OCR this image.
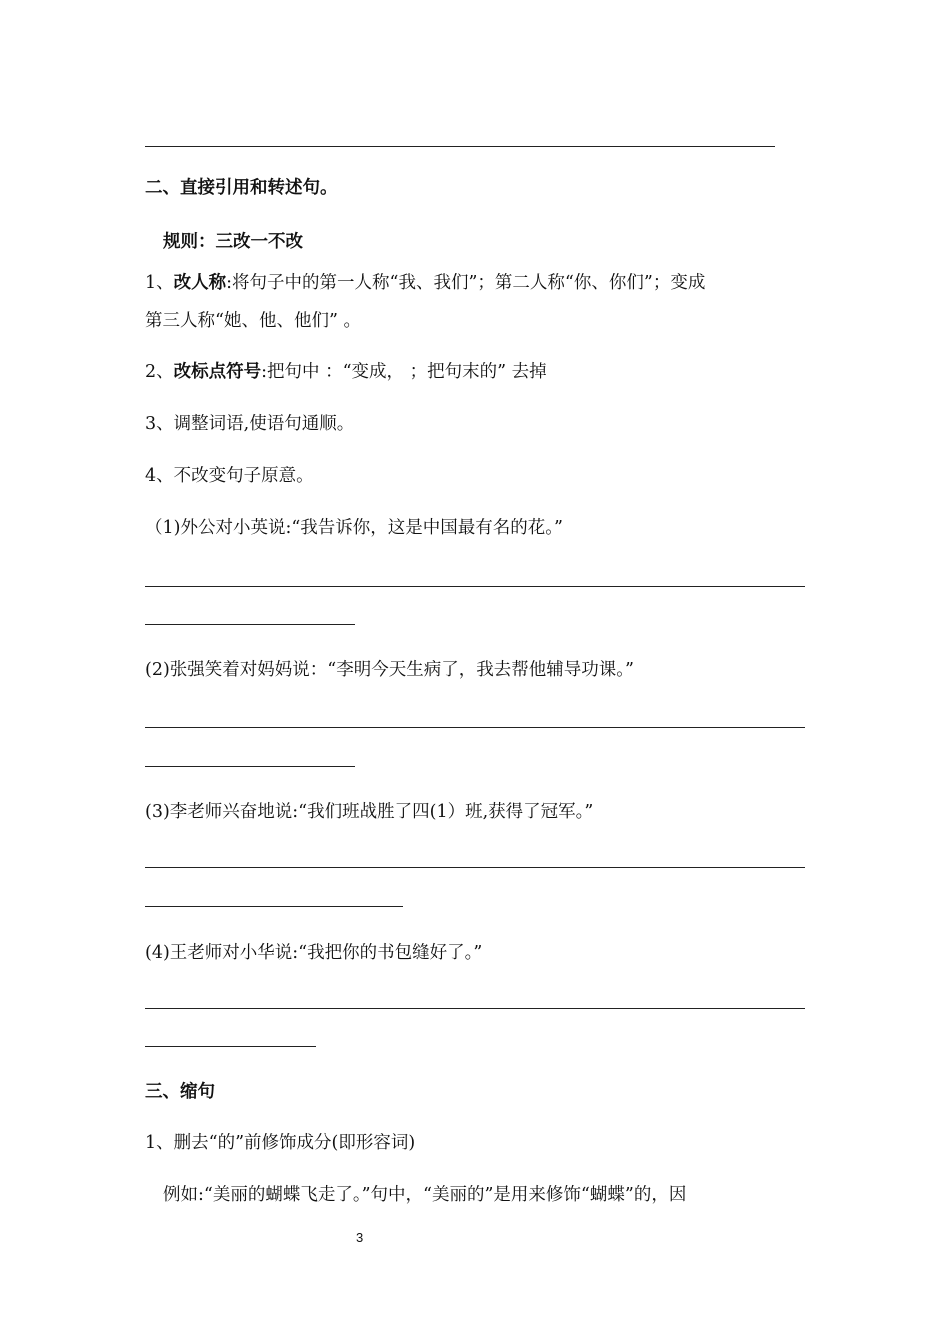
二、直接引用和转述句。
规则：三改一不改
1、改人称:将句子中的第一人称“我、我们”；第二人称“你、你们”；变成
第三人称“她、他、他们” 。
2、改标点符号:把句中 ：“变成， ；把句末的” 去掉
3、调整词语,使语句通顺。
4、不改变句子原意。
（1)外公对小英说:“我告诉你，这是中国最有名的花。”
(2)张强笑着对妈妈说：“李明今天生病了，我去帮他辅导功课。”
(3)李老师兴奋地说:“我们班战胜了四(1）班,获得了冠军。”
(4)王老师对小华说:“我把你的书包缝好了。”
三、缩句
1、删去“的”前修饰成分(即形容词)
例如:“美丽的蝴蝶飞走了。”句中，“美丽的”是用来修饰“蝴蝶”的，因
3
